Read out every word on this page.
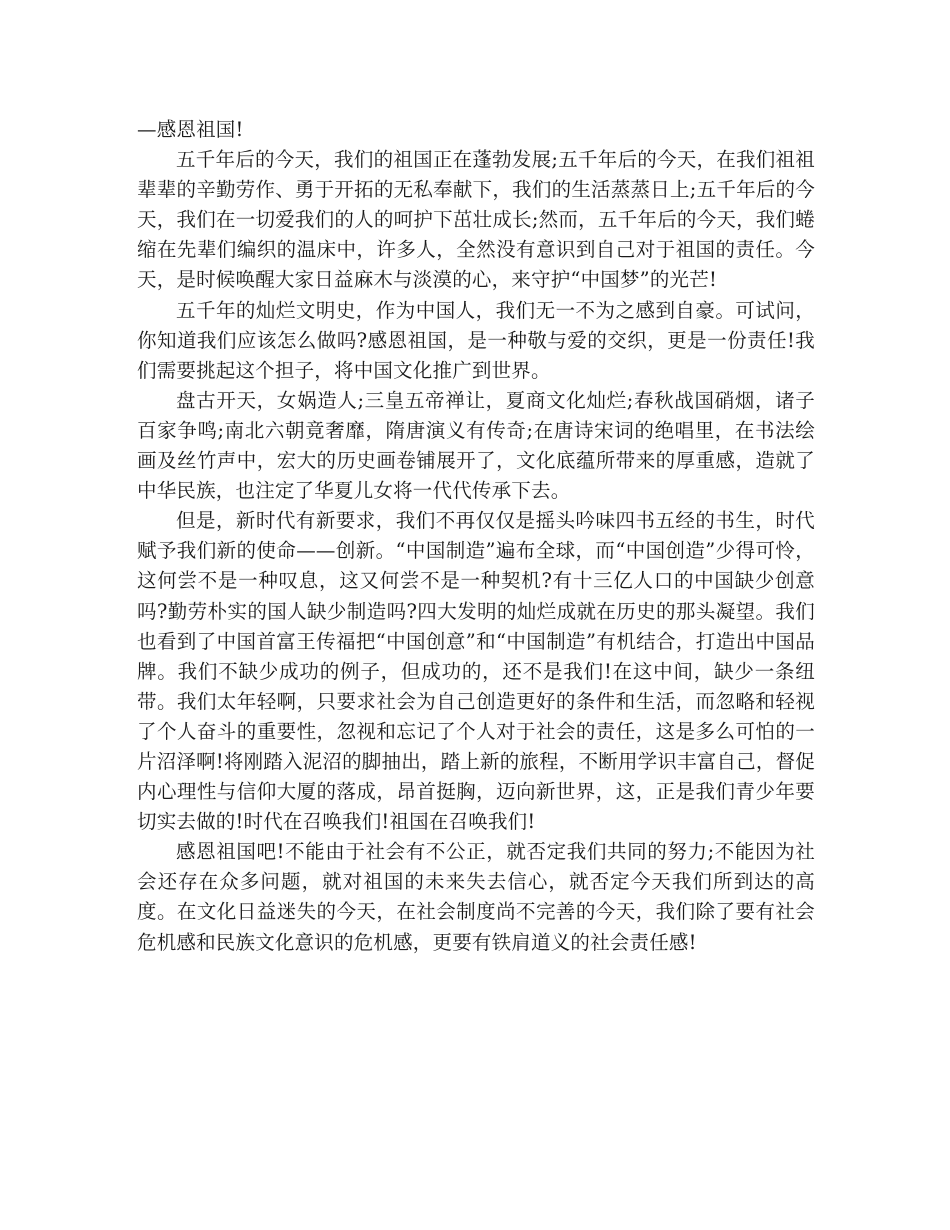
—感恩祖国!

五千年后的今天，我们的祖国正在蓬勃发展;五千年后的今天，在我们祖祖辈辈的辛勤劳作、勇于开拓的无私奉献下，我们的生活蒸蒸日上;五千年后的今天，我们在一切爱我们的人的呵护下茁壮成长;然而，五千年后的今天，我们蜷缩在先辈们编织的温床中，许多人，全然没有意识到自己对于祖国的责任。今天，是时候唤醒大家日益麻木与淡漠的心，来守护“中国梦”的光芒!

五千年的灿烂文明史，作为中国人，我们无一不为之感到自豪。可试问，你知道我们应该怎么做吗?感恩祖国，是一种敬与爱的交织，更是一份责任!我们需要挑起这个担子，将中国文化推广到世界。

盘古开天，女娲造人;三皇五帝禅让，夏商文化灿烂;春秋战国硝烟，诸子百家争鸣;南北六朝竟奢靡，隋唐演义有传奇;在唐诗宋词的绝唱里，在书法绘画及丝竹声中，宏大的历史画卷铺展开了，文化底蕴所带来的厚重感，造就了中华民族，也注定了华夏儿女将一代代传承下去。

但是，新时代有新要求，我们不再仅仅是摇头吟味四书五经的书生，时代赋予我们新的使命——创新。“中国制造”遍布全球，而“中国创造”少得可怜，这何尝不是一种叹息，这又何尝不是一种契机?有十三亿人口的中国缺少创意吗?勤劳朴实的国人缺少制造吗?四大发明的灿烂成就在历史的那头凝望。我们也看到了中国首富王传福把“中国创意”和“中国制造”有机结合，打造出中国品牌。我们不缺少成功的例子，但成功的，还不是我们!在这中间，缺少一条纽带。我们太年轻啊，只要求社会为自己创造更好的条件和生活，而忽略和轻视了个人奋斗的重要性，忽视和忘记了个人对于社会的责任，这是多么可怕的一片沼泽啊!将刚踏入泥沼的脚抽出，踏上新的旅程，不断用学识丰富自己，督促内心理性与信仰大厦的落成，昂首挺胸，迈向新世界，这，正是我们青少年要切实去做的!时代在召唤我们!祖国在召唤我们!

感恩祖国吧!不能由于社会有不公正，就否定我们共同的努力;不能因为社会还存在众多问题，就对祖国的未来失去信心，就否定今天我们所到达的高度。在文化日益迷失的今天，在社会制度尚不完善的今天，我们除了要有社会危机感和民族文化意识的危机感，更要有铁肩道义的社会责任感!
